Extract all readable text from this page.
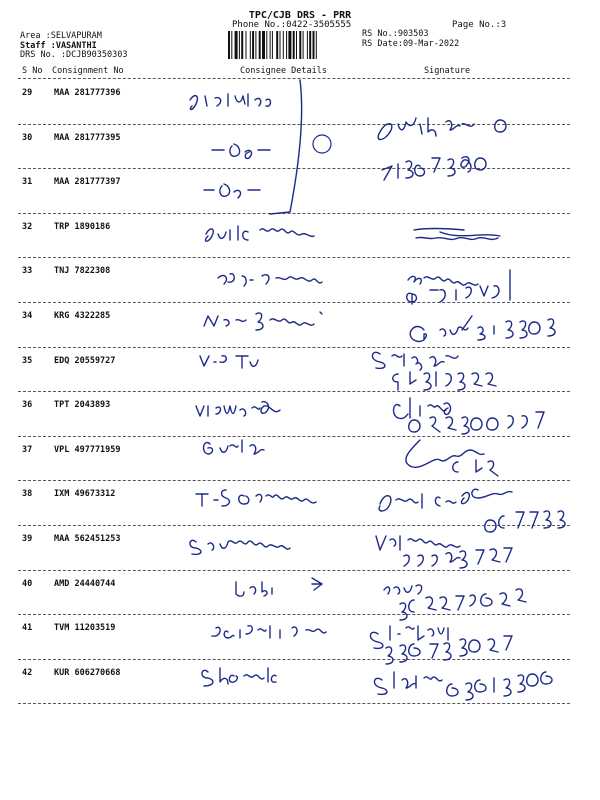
TPC/CJB DRS - PRR
Phone No.:0422-3505555	Page No.:3
Area :SELVAPURAM
Staff :VASANTHI
DRS No. :DCJB90350303
RS No.:903503
RS Date:09-Mar-2022
S No Consignment No	Consignee Details	Signature
29	MAA 281777396
30	MAA 281777395
31	MAA 281777397
32	TRP 1890186
33	TNJ 7822308
34	KRG 4322285
35	EDQ 20559727
36	TPT 2043893
37	VPL 497771959
38	IXM 49673312
39	MAA 562451253
40	AMD 24440744
41	TVM 11203519
42	KUR 606270668
